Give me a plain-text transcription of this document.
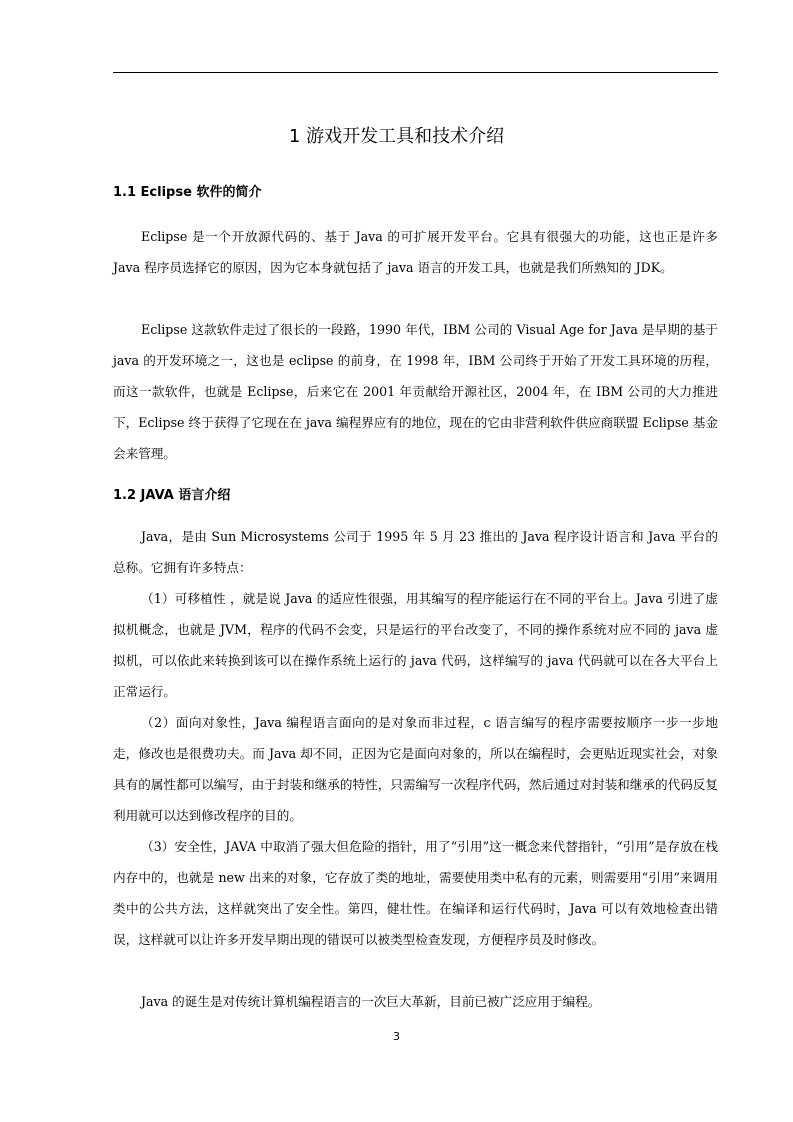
1 游戏开发工具和技术介绍
1.1 Eclipse 软件的简介
Eclipse 是一个开放源代码的、基于 Java 的可扩展开发平台。它具有很强大的功能，这也正是许多 Java 程序员选择它的原因，因为它本身就包括了 java 语言的开发工具，也就是我们所熟知的 JDK。
Eclipse 这款软件走过了很长的一段路，1990 年代，IBM 公司的 Visual Age for Java 是早期的基于 java 的开发环境之一，这也是 eclipse 的前身，在 1998 年，IBM 公司终于开始了开发工具环境的历程，而这一款软件，也就是 Eclipse，后来它在 2001 年贡献给开源社区，2004 年，在 IBM 公司的大力推进下，Eclipse 终于获得了它现在在 java 编程界应有的地位，现在的它由非营利软件供应商联盟 Eclipse 基金会来管理。
1.2 JAVA 语言介绍
Java，是由 Sun Microsystems 公司于 1995 年 5 月 23 推出的 Java 程序设计语言和 Java 平台的总称。它拥有许多特点：
（1）可移植性 ，就是说 Java 的适应性很强，用其编写的程序能运行在不同的平台上。Java 引进了虚拟机概念，也就是 JVM，程序的代码不会变，只是运行的平台改变了，不同的操作系统对应不同的 java 虚拟机，可以依此来转换到该可以在操作系统上运行的 java 代码，这样编写的 java 代码就可以在各大平台上正常运行。
（2）面向对象性，Java 编程语言面向的是对象而非过程，c 语言编写的程序需要按顺序一步一步地走，修改也是很费功夫。而 Java 却不同，正因为它是面向对象的，所以在编程时，会更贴近现实社会，对象具有的属性都可以编写，由于封装和继承的特性，只需编写一次程序代码，然后通过对封装和继承的代码反复利用就可以达到修改程序的目的。
（3）安全性，JAVA 中取消了强大但危险的指针，用了“引用”这一概念来代替指针，“引用”是存放在栈内存中的，也就是 new 出来的对象，它存放了类的地址，需要使用类中私有的元素，则需要用“引用”来调用类中的公共方法，这样就突出了安全性。第四，健壮性。在编译和运行代码时，Java 可以有效地检查出错误，这样就可以让许多开发早期出现的错误可以被类型检查发现，方便程序员及时修改。
Java 的诞生是对传统计算机编程语言的一次巨大革新，目前已被广泛应用于编程。
3
